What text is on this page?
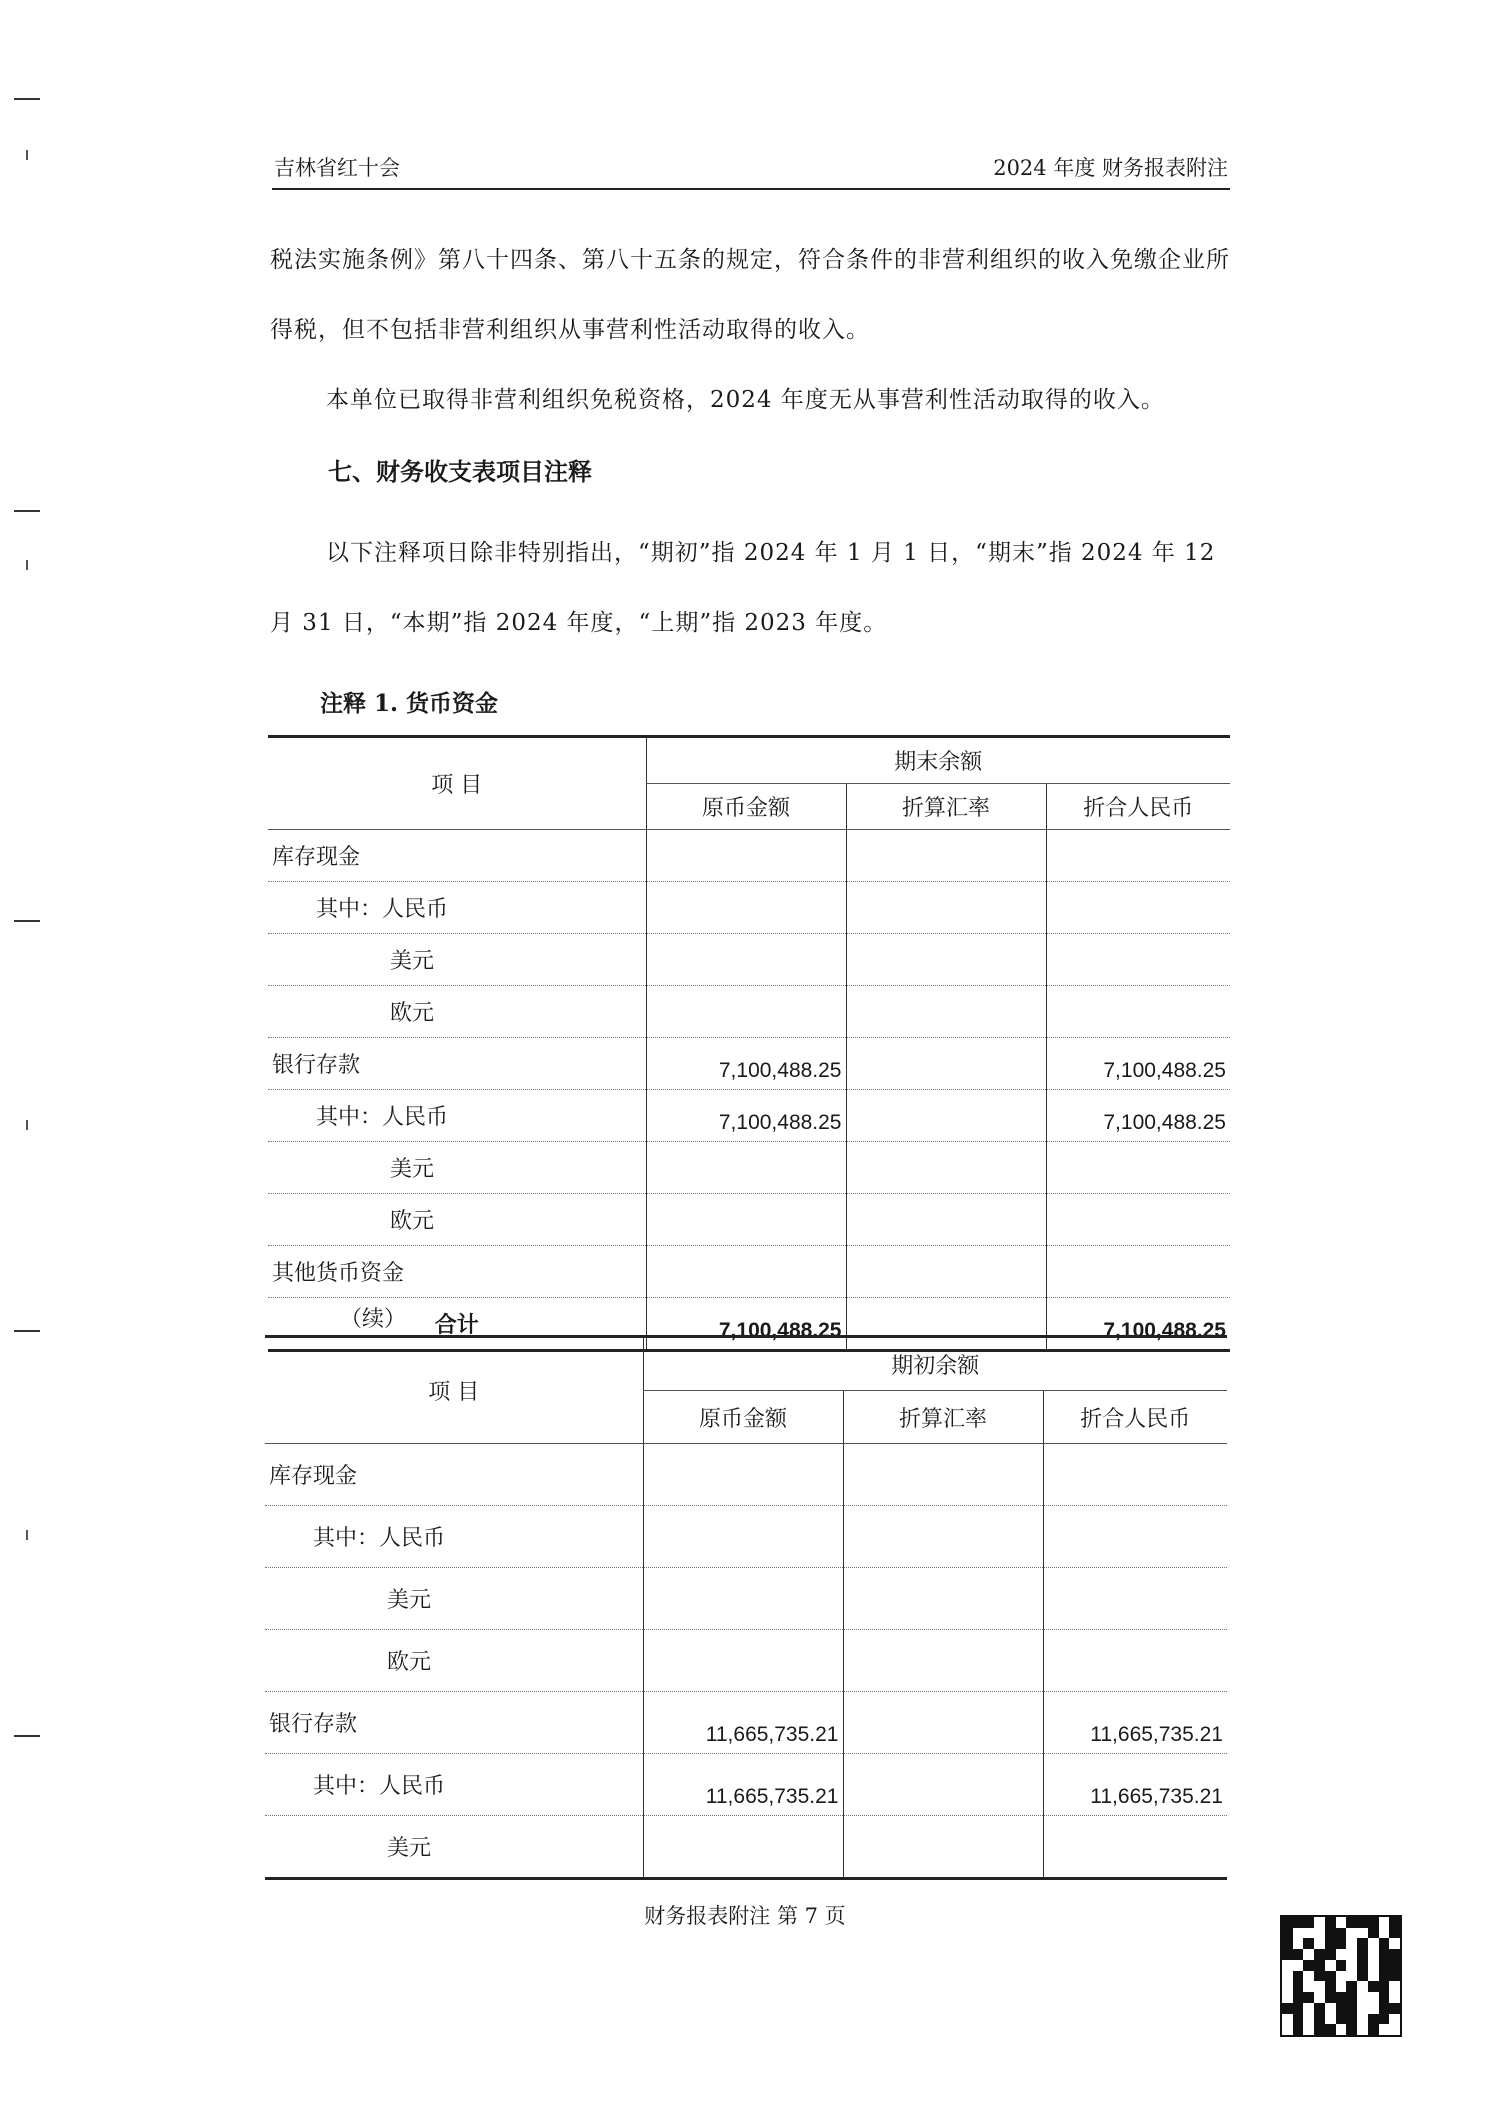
吉林省红十会	2024 年度 财务报表附注
税法实施条例》第八十四条、第八十五条的规定，符合条件的非营利组织的收入免缴企业所得税，但不包括非营利组织从事营利性活动取得的收入。
本单位已取得非营利组织免税资格，2024 年度无从事营利性活动取得的收入。
七、财务收支表项目注释
以下注释项日除非特别指出，“期初”指 2024 年 1 月 1 日，“期末”指 2024 年 12 月 31 日，“本期”指 2024 年度，“上期”指 2023 年度。
注释 1. 货币资金
项 目	期末余额		
	原币金额	折算汇率	折合人民币
库存现金			
其中：人民币			
美元			
欧元			
银行存款	7,100,488.25		7,100,488.25
其中：人民币	7,100,488.25		7,100,488.25
美元			
欧元			
其他货币资金			
合计	7,100,488.25		7,100,488.25
（续）
项 目	期初余额		
	原币金额	折算汇率	折合人民币
库存现金			
其中：人民币			
美元			
欧元			
银行存款	11,665,735.21		11,665,735.21
其中：人民币	11,665,735.21		11,665,735.21
美元			
财务报表附注 第 7 页
